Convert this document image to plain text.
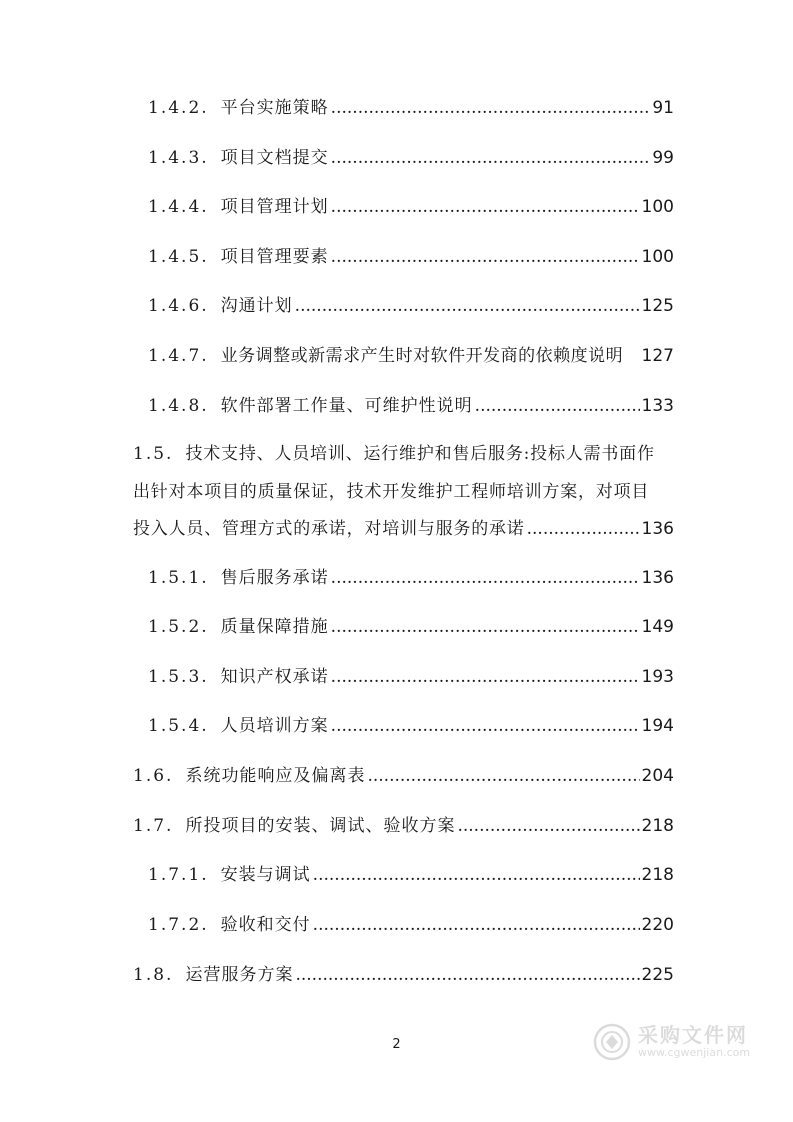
1.4.2. 平台实施策略 .....	91
1.4.3. 项目文档提交 .....	99
1.4.4. 项目管理计划 .....	100
1.4.5. 项目管理要素 .....	100
1.4.6. 沟通计划 .....	125
1.4.7. 业务调整或新需求产生时对软件开发商的依赖度说明 127
1.4.8. 软件部署工作量、可维护性说明 .....	133
1.5. 技术支持、人员培训、运行维护和售后服务:投标人需书面作
出针对本项目的质量保证，技术开发维护工程师培训方案，对项目
投入人员、管理方式的承诺，对培训与服务的承诺 .....	136
1.5.1. 售后服务承诺 .....	136
1.5.2. 质量保障措施 .....	149
1.5.3. 知识产权承诺 .....	193
1.5.4. 人员培训方案 .....	194
1.6. 系统功能响应及偏离表 .....	204
1.7. 所投项目的安装、调试、验收方案 .....	218
1.7.1. 安装与调试 .....	218
1.7.2. 验收和交付 .....	220
1.8. 运营服务方案 .....	225
2	采购文件网
www.cgwenjian.com
